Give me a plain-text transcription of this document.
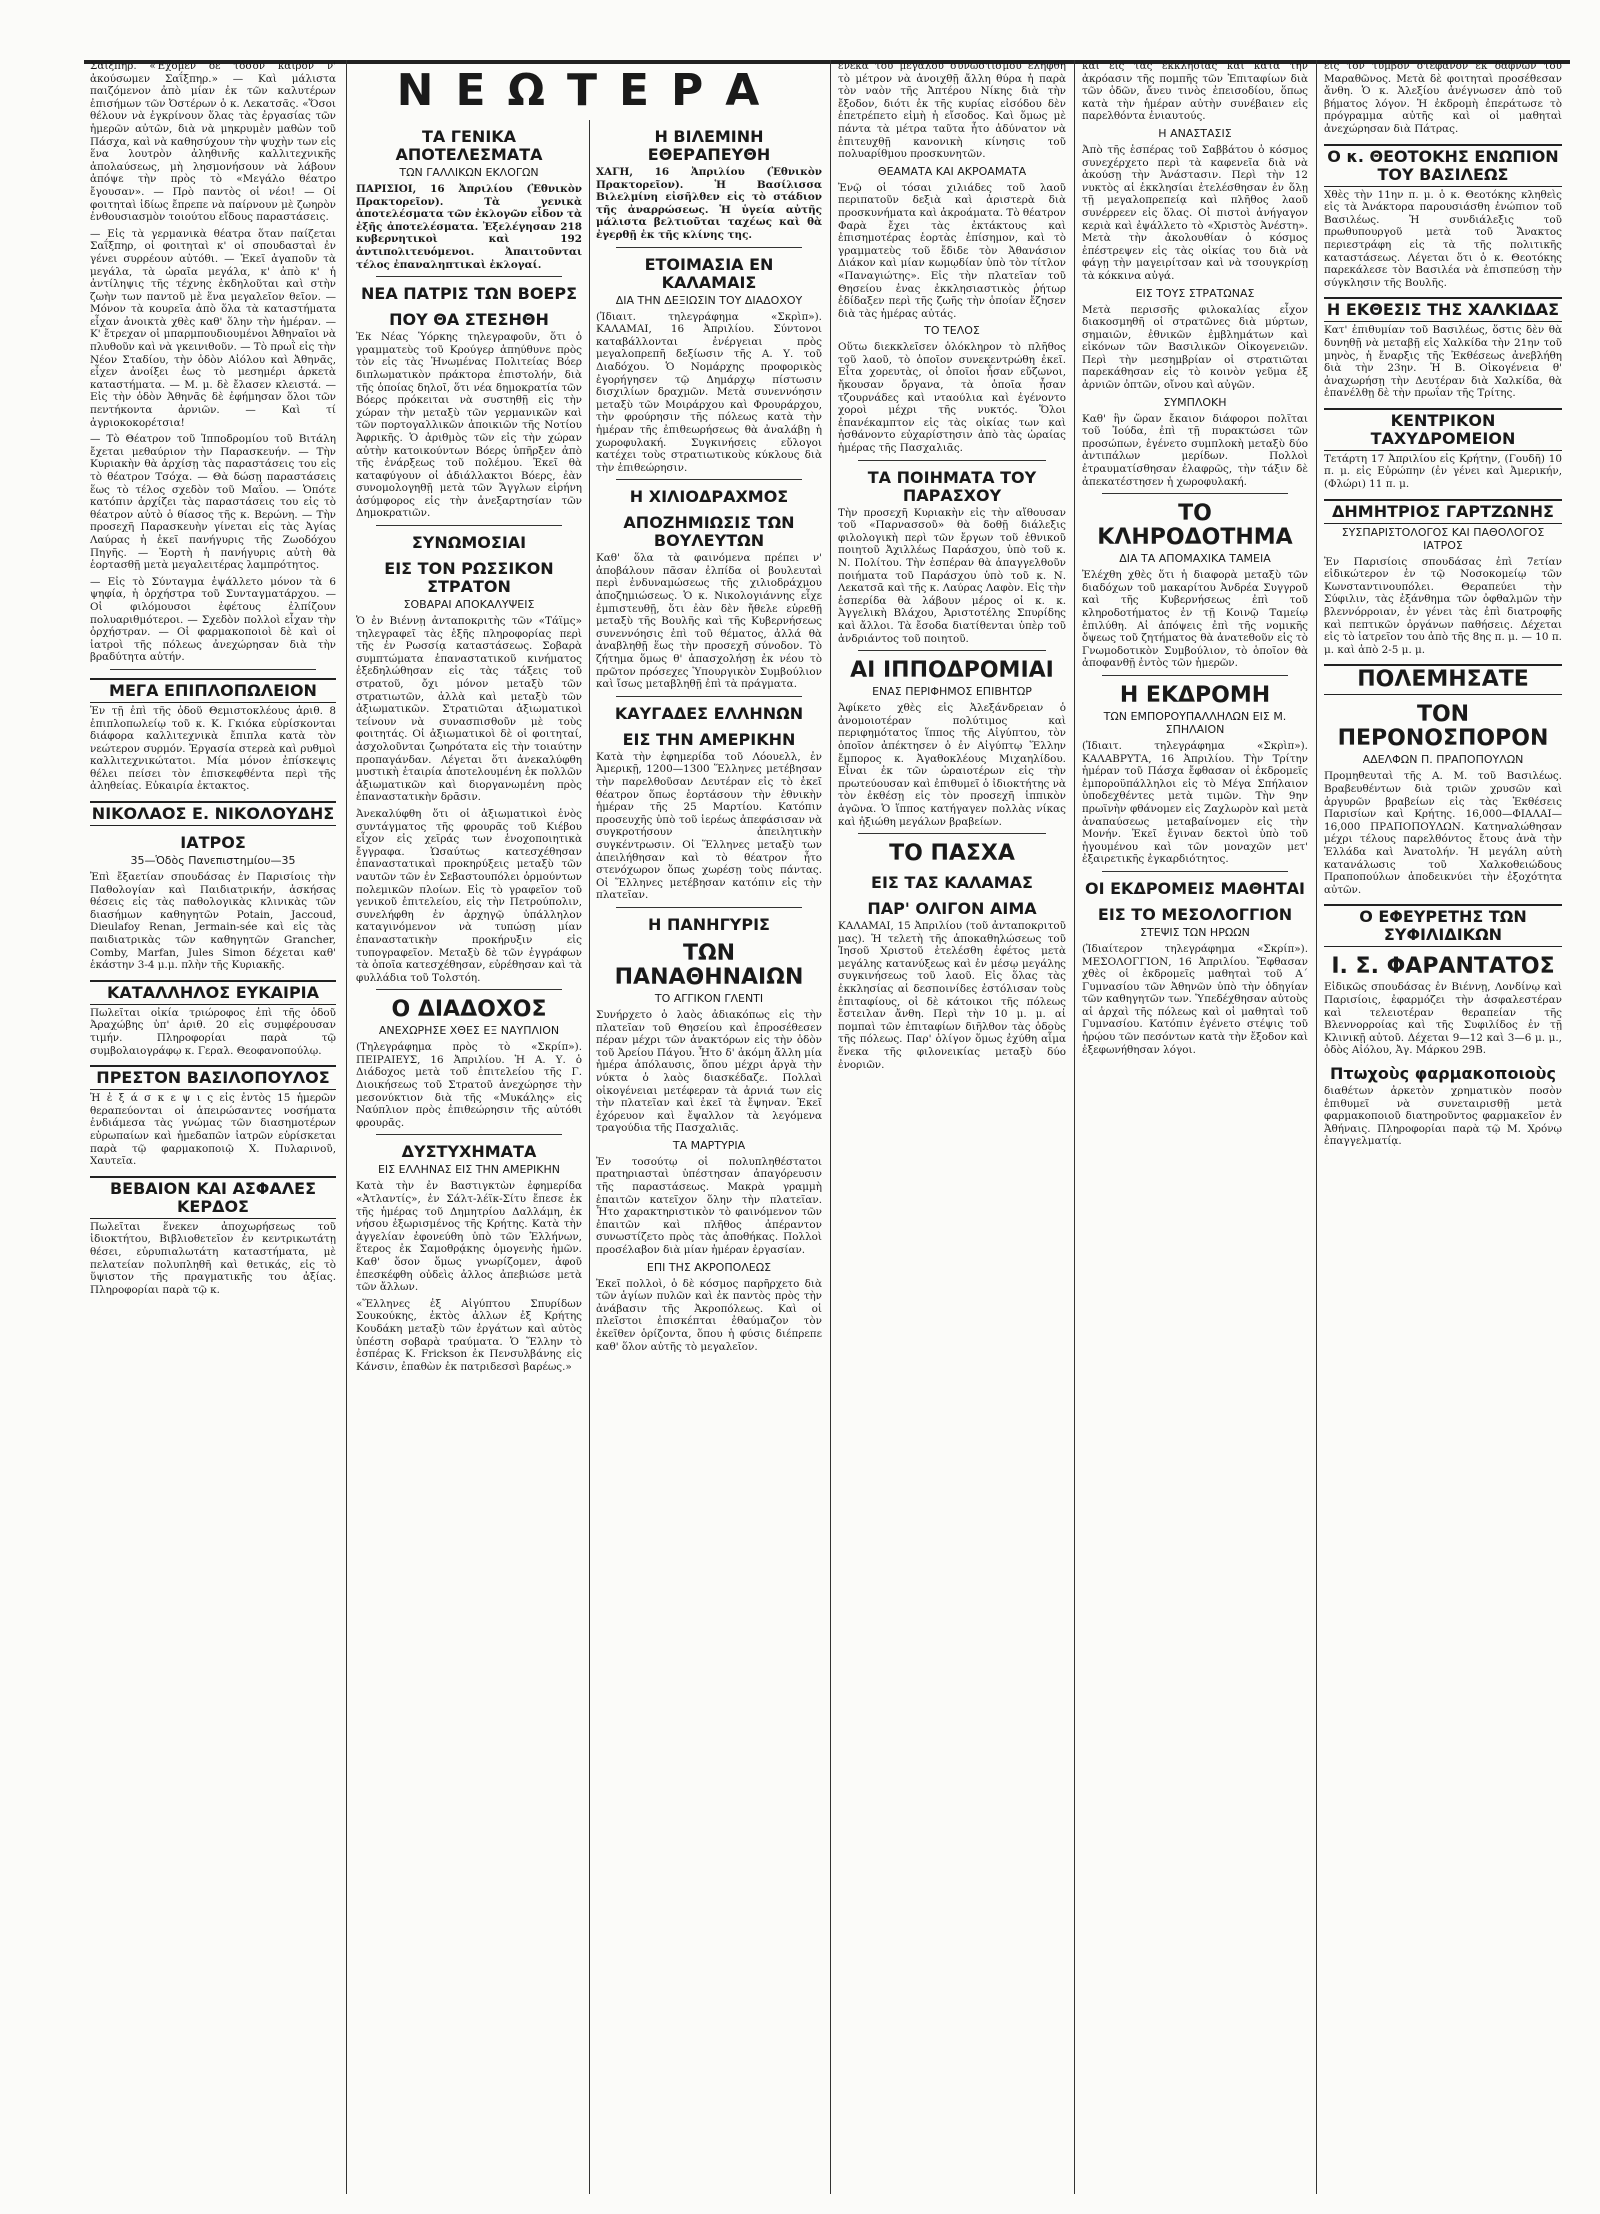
ΝΕΩΤΕΡΑ

Σαΐξπηρ. «Έχομεν δὲ τόσον καιρὸν ν' ἀκούσωμεν Σαΐξπηρ.» — Καὶ μάλιστα παιζόμενον ἀπὸ μίαν ἐκ τῶν καλυτέρων ἐπισήμων τῶν Ὀστέρων ὁ κ. Λεκατσᾶς. «Ὅσοι θέλουν νὰ ἐγκρίνουν ὅλας τὰς ἐργασίας τῶν ἡμερῶν αὐτῶν, διὰ νὰ μηκρυμὲν μαθὼν τοῦ Πάσχα, καὶ νὰ καθησύχουν τὴν ψυχὴν των εἰς ἕνα λουτρὸν ἀληθινῆς καλλιτεχνικῆς ἀπολαύσεως, μὴ λησμονήσουν νὰ λάβουν ἀπόψε τὴν πρὸς τὸ «Μεγάλο θέατρο ἔγουσαν». — Πρὸ παντὸς οἱ νέοι! — Οἱ φοιτηταὶ ἰδίως ἔπρεπε νὰ παίρνουν μὲ ζωηρὸν ἐνθουσιασμὸν τοιούτου εἴδους παραστάσεις.

— Εἰς τὰ γερμανικὰ θέατρα ὅταν παίζεται Σαΐξπηρ, οἱ φοιτηταὶ κ' οἱ σπουδασταὶ ἐν γένει συρρέουν αὐτόθι. — Ἐκεῖ ἀγαποῦν τὰ μεγάλα, τὰ ὡραῖα μεγάλα, κ' ἀπὸ κ' ἡ ἀντίληψις τῆς τέχνης ἐκδηλοῦται καὶ στὴν ζωὴν των παντοῦ μὲ ἕνα μεγαλεῖον θεῖον. — Μόνον τὰ κουρεῖα ἀπὸ ὅλα τὰ καταστήματα εἶχαν ἀνοικτὰ χθὲς καθ' ὅλην τὴν ἡμέραν. — Κ' ἔτρεχαν οἱ μπαρμπουδιουμένοι Ἀθηναῖοι νὰ πλυθοῦν καὶ νὰ γκεινιθοῦν. — Τὸ πρωῒ εἰς τὴν Νέον Σταδίου, τὴν ὁδὸν Αἰόλου καὶ Ἀθηνᾶς, εἶχεν ἀνοίξει ἐως τὸ μεσημέρι ἀρκετὰ καταστήματα. — Μ. μ. δὲ ἔλασεν κλειστά. — Εἰς τὴν ὁδὸν Ἀθηνᾶς δὲ ἐφήμησαν ὅλοι τῶν πεντήκοντα ἀρνιῶν. — Καὶ τί ἀγριοκοκορέτσια!

— Τὸ Θέατρον τοῦ Ἱπποδρομίου τοῦ Βιτάλη ἔχεται μεθαύριον τὴν Παρασκευήν. — Τὴν Κυριακὴν θὰ ἀρχίσῃ τὰς παραστάσεις του εἰς τὸ θέατρον Τσόχα. — Θὰ δώσῃ παραστάσεις ἕως τὸ τέλος σχεδὸν τοῦ Μαΐου. — Ὁπότε κατόπιν ἀρχίζει τὰς παραστάσεις του εἰς τὸ θέατρον αὐτὸ ὁ θίασος τῆς κ. Βερώνη. — Τὴν προσεχῆ Παρασκευὴν γίνεται εἰς τὰς Ἀγίας Λαύρας ἡ ἐκεῖ πανήγυρις τῆς Ζωοδόχου Πηγῆς. — Ἑορτὴ ἡ πανήγυρις αὐτὴ θὰ ἑορτασθῇ μετὰ μεγαλειτέρας λαμπρότητος.

— Εἰς τὸ Σύνταγμα ἐψάλλετο μόνον τὰ 6 ψηφία, ἡ ὀρχήστρα τοῦ Συνταγματάρχου. — Οἱ φιλόμουσοι ἐφέτους ἐλπίζουν πολυαριθμότεροι. — Σχεδὸν πολλοὶ εἶχαν τὴν ὀρχήστραν. — Οἱ φαρμακοποιοὶ δὲ καὶ οἱ ἰατροὶ τῆς πόλεως ἀνεχώρησαν διὰ τὴν βραδύτητα αὐτήν.

ΜΕΓΑ ΕΠΙΠΛΟΠΩΛΕΙΟΝ

Ἐν τῇ ἐπὶ τῆς ὁδοῦ Θεμιστοκλέους ἀριθ. 8 ἐπιπλοπωλείῳ τοῦ κ. Κ. Γκιόκα εὑρίσκονται διάφορα καλλιτεχνικὰ ἔπιπλα κατὰ τὸν νεώτερον συρμόν. Ἐργασία στερεὰ καὶ ρυθμοὶ καλλιτεχνικώτατοι. Μία μόνον ἐπίσκεψις θέλει πείσει τὸν ἐπισκεφθέντα περὶ τῆς ἀληθείας. Εὐκαιρία ἐκτακτος.

ΝΙΚΟΛΑΟΣ Ε. ΝΙΚΟΛΟΥΔΗΣ
ΙΑΤΡΟΣ
35—Ὁδὸς Πανεπιστημίου—35

Ἐπὶ ἔξαετίαν σπουδάσας ἐν Παρισίοις τὴν Παθολογίαν καὶ Παιδιατρικήν, ἀσκήσας θέσεις εἰς τὰς παθολογικὰς κλινικὰς τῶν διασήμων καθηγητῶν Potain, Jaccoud, Dieulafoy Renan, Jermain-sée καὶ εἰς τὰς παιδιατρικὰς τῶν καθηγητῶν Grancher, Comby, Marfan, Jules Simon δέχεται καθ' ἑκάστην 3-4 μ.μ. πλὴν τῆς Κυριακῆς.

ΚΑΤΑΛΛΗΛΟΣ ΕΥΚΑΙΡΙΑ

Πωλεῖται οἰκία τριώροφος ἐπὶ τῆς ὁδοῦ Ἀραχώβης ὑπ' ἀριθ. 20 εἰς συμφέρουσαν τιμήν. Πληροφορίαι παρὰ τῷ συμβολαιογράφῳ κ. Γεραλ. Θεοφανοπούλῳ.

ΠΡΕΣΤΟΝ ΒΑΣΙΛΟΠΟΥΛΟΣ

Ἠ ἐ ξ ά σ κ ε ψ ι ς εἰς ἐντὸς 15 ἡμερῶν θεραπεύονται οἱ ἀπειρώσαντες νοσήματα ἐνδιάμεσα τὰς γνώμας τῶν διασημοτέρων εὐρωπαίων καὶ ἡμεδαπῶν ἰατρῶν εὑρίσκεται παρὰ τῷ φαρμακοποιῷ Χ. Πυλαρινοῦ, Χαυτεῖα.

ΒΕΒΑΙΟΝ ΚΑΙ ΑΣΦΑΛΕΣ ΚΕΡΔΟΣ

Πωλεῖται ἕνεκεν ἀποχωρήσεως τοῦ ἰδιοκτήτου, Βιβλιοθετεῖον ἐν κεντρικωτάτῃ θέσει, εὐρυπιαλωτάτη καταστήματα, μὲ πελατείαν πολυπληθῆ καὶ θετικάς, εἰς τὸ ὕψιστον τῆς πραγματικῆς του ἀξίας. Πληροφορίαι παρὰ τῷ κ.

ΤΑ ΓΕΝΙΚΑ ΑΠΟΤΕΛΕΣΜΑΤΑ
ΤΩΝ ΓΑΛΛΙΚΩΝ ΕΚΛΟΓΩΝ

ΠΑΡΙΣΙΟΙ, 16 Ἀπριλίου (Ἐθνικὸν Πρακτορεῖον). Τὰ γενικὰ ἀποτελέσματα τῶν ἐκλογῶν εἶδον τὰ ἐξῆς ἀποτελέσματα. Ἐξελέγησαν 218 κυβερνητικοὶ καὶ 192 ἀντιπολιτευόμενοι. Ἀπαιτοῦνται τέλος ἐπαναληπτικαὶ ἐκλογαί.

ΝΕΑ ΠΑΤΡΙΣ ΤΩΝ ΒΟΕΡΣ
ΠΟΥ ΘΑ ΣΤΕΣΗΘΗ

Ἐκ Νέας Ὑόρκης τηλεγραφοῦν, ὅτι ὁ γραμματεὺς τοῦ Κρούγερ ἀπηύθυνε πρὸς τὸν εἰς τὰς Ἡνωμένας Πολιτείας Βόερ διπλωματικὸν πράκτορα ἐπιστολήν, διὰ τῆς ὁποίας δηλοῖ, ὅτι νέα δημοκρατία τῶν Βόερς πρόκειται νὰ συστηθῇ εἰς τὴν χώραν τὴν μεταξὺ τῶν γερμανικῶν καὶ τῶν πορτογαλλικῶν ἀποικιῶν τῆς Νοτίου Ἀφρικῆς. Ὁ ἀριθμὸς τῶν εἰς τὴν χώραν αὐτὴν κατοικούντων Βόερς ὑπῆρξεν ἀπὸ τῆς ἐνάρξεως τοῦ πολέμου. Ἐκεῖ θὰ καταφύγουν οἱ ἀδιάλλακτοι Βόερς, ἐὰν συνομολογηθῇ μετὰ τῶν Ἄγγλων εἰρήνη ἀσύμφορος εἰς τὴν ἀνεξαρτησίαν τῶν Δημοκρατιῶν.

ΣΥΝΩΜΟΣΙΑΙ
ΕΙΣ ΤΟΝ ΡΩΣΣΙΚΟΝ ΣΤΡΑΤΟΝ
ΣΟΒΑΡΑΙ ΑΠΟΚΑΛΥΨΕΙΣ

Ὁ ἐν Βιέννῃ ἀνταποκριτὴς τῶν «Τάϊμς» τηλεγραφεῖ τὰς ἑξῆς πληροφορίας περὶ τῆς ἐν Ρωσσίᾳ καταστάσεως. Σοβαρὰ συμπτώματα ἐπαναστατικοῦ κινήματος ἐξεδηλώθησαν εἰς τὰς τάξεις τοῦ στρατοῦ, ὄχι μόνον μεταξὺ τῶν στρατιωτῶν, ἀλλὰ καὶ μεταξὺ τῶν ἀξιωματικῶν. Στρατιῶται ἀξιωματικοὶ τείνουν νὰ συνασπισθοῦν μὲ τοὺς φοιτητάς. Οἱ ἀξιωματικοὶ δὲ οἱ φοιτηταί, ἀσχολοῦνται ζωηρότατα εἰς τὴν τοιαύτην προπαγάνδαν. Λέγεται ὅτι ἀνεκαλύφθη μυστικὴ ἑταιρία ἀποτελουμένη ἐκ πολλῶν ἀξιωματικῶν καὶ διοργανωμένη πρὸς ἐπαναστατικὴν δρᾶσιν.

Ἀνεκαλύφθη ὅτι οἱ ἀξιωματικοὶ ἑνὸς συντάγματος τῆς φρουρᾶς τοῦ Κιέβου εἶχον εἰς χεῖράς των ἐνοχοποιητικὰ ἔγγραφα. Ὡσαύτως κατεσχέθησαν ἐπαναστατικαὶ προκηρύξεις μεταξὺ τῶν ναυτῶν τῶν ἐν Σεβαστουπόλει ὁρμούντων πολεμικῶν πλοίων. Εἰς τὸ γραφεῖον τοῦ γενικοῦ ἐπιτελείου, εἰς τὴν Πετρούπολιν, συνελήφθη ἐν ἀρχηγῷ ὑπάλληλον καταγινόμενον νὰ τυπώσῃ μίαν ἐπαναστατικὴν προκήρυξιν εἰς τυπογραφεῖον. Μεταξὺ δὲ τῶν ἐγγράφων τὰ ὁποῖα κατεσχέθησαν, εὑρέθησαν καὶ τὰ φυλλάδια τοῦ Τολστόη.

Ο ΔΙΑΔΟΧΟΣ
ΑΝΕΧΩΡΗΣΕ ΧΘΕΣ ΕΞ ΝΑΥΠΛΙΟΝ

(Τηλεγράφημα πρὸς τὸ «Σκρίπ»). ΠΕΙΡΑΙΕΥΣ, 16 Ἀπριλίου. Ἡ Α. Υ. ὁ Διάδοχος μετὰ τοῦ ἐπιτελείου τῆς Γ. Διοικήσεως τοῦ Στρατοῦ ἀνεχώρησε τὴν μεσονύκτιον διὰ τῆς «Μυκάλης» εἰς Ναύπλιον πρὸς ἐπιθεώρησιν τῆς αὐτόθι φρουρᾶς.

ΔΥΣΤΥΧΗΜΑΤΑ
ΕΙΣ ΕΛΛΗΝΑΣ ΕΙΣ ΤΗΝ ΑΜΕΡΙΚΗΝ

Κατὰ τὴν ἐν Βαστιγκτὼν ἐφημερίδα «Ἀτλαντίς», ἐν Σάλτ-λέϊκ-Σίτυ ἔπεσε ἐκ τῆς ἡμέρας τοῦ Δημητρίου Δαλλάμη, ἐκ νήσου ἐξωρισμένος τῆς Κρήτης. Κατὰ τὴν ἀγγελίαν ἐφονεύθη ὑπὸ τῶν Ἑλλήνων, ἕτερος ἐκ Σαμοθρᾴκης ὁμογενὴς ἡμῶν. Καθ' ὅσον ὅμως γνωρίζομεν, ἀφοῦ ἐπεσκέφθη οὐδεὶς ἀλλος ἀπεβιώσε μετὰ τῶν ἄλλων.

«Ἕλληνες ἐξ Αἰγύπτου Σπυρίδων Σουκούκης, ἐκτὸς ἀλλων ἐξ Κρήτης Κουδάκη μεταξὺ τῶν ἐργάτων καὶ αὐτὸς ὑπέστη σοβαρὰ τραύματα. Ὁ Ἕλλην τὸ ἐσπέρας Κ. Frickson ἐκ Πενσυλβάνης εἰς Κάνσιν, ἐπαθὼν ἐκ πατριδεσσὶ βαρέως.»

Η ΒΙΛΕΜΙΝΗ ΕΘΕΡΑΠΕΥΘΗ

ΧΑΓΗ, 16 Ἀπριλίου (Ἐθνικὸν Πρακτορεῖον). Ἡ Βασίλισσα Βιλελμίνη εἰσῆλθεν εἰς τὸ στάδιον τῆς ἀναρρώσεως. Ἡ ὑγεία αὐτῆς μάλιστα βελτιοῦται ταχέως καὶ θὰ ἐγερθῇ ἐκ τῆς κλίνης της.

ΕΤΟΙΜΑΣΙΑ ΕΝ ΚΑΛΑΜΑΙΣ
ΔΙΑ ΤΗΝ ΔΕΞΙΩΣΙΝ ΤΟΥ ΔΙΑΔΟΧΟΥ

(Ἰδιαιτ. τηλεγράφημα «Σκρὶπ»). ΚΑΛΑΜΑΙ, 16 Ἀπριλίου. Σύντονοι καταβάλλονται ἐνέργειαι πρὸς μεγαλοπρεπῆ δεξίωσιν τῆς Α. Υ. τοῦ Διαδόχου. Ὁ Νομάρχης προφορικὸς ἐγορήγησεν τῷ Δημάρχῳ πίστωσιν δισχιλίων δραχμῶν. Μετὰ συνεννόησιν μεταξὺ τῶν Μοιράρχου καὶ Φρουράρχου, τὴν φρούρησιν τῆς πόλεως κατὰ τὴν ἡμέραν τῆς ἐπιθεωρήσεως θὰ ἀναλάβῃ ἡ χωροφυλακή. Συγκινήσεις εὔλογοι κατέχει τοὺς στρατιωτικοὺς κύκλους διὰ τὴν ἐπιθεώρησιν.

Η ΧΙΛΙΟΔΡΑΧΜΟΣ
ΑΠΟΖΗΜΙΩΣΙΣ ΤΩΝ ΒΟΥΛΕΥΤΩΝ

Καθ' ὅλα τὰ φαινόμενα πρέπει ν' ἀποβάλουν πᾶσαν ἐλπίδα οἱ βουλευταὶ περὶ ἐνδυναμώσεως τῆς χιλιοδράχμου ἀποζημιώσεως. Ὁ κ. Νικολογιάννης εἶχε ἐμπιστευθῇ, ὅτι ἐὰν δὲν ἤθελε εὑρεθῇ μεταξὺ τῆς Βουλῆς καὶ τῆς Κυβερνήσεως συνεννόησις ἐπὶ τοῦ θέματος, ἀλλά θὰ ἀναβληθῇ ἕως τὴν προσεχῆ σύνοδον. Τὸ ζήτημα ὅμως θ' ἀπασχολήσῃ ἐκ νέου τὸ πρῶτον πρόσεχες Ὑπουργικὸν Συμβούλιον καὶ ἴσως μεταβληθῇ ἐπὶ τὰ πράγματα.

ΚΑΥΓΑΔΕΣ ΕΛΛΗΝΩΝ
ΕΙΣ ΤΗΝ ΑΜΕΡΙΚΗΝ

Κατὰ τὴν ἐφημερίδα τοῦ Λόουελλ, ἐν Ἀμερικῇ, 1200—1300 Ἕλληνες μετέβησαν τὴν παρελθοῦσαν Δευτέραν εἰς τὸ ἐκεῖ θέατρον ὅπως ἑορτάσουν τὴν ἐθνικὴν ἡμέραν τῆς 25 Μαρτίου. Κατόπιν προσευχῆς ὑπὸ τοῦ ἱερέως ἀπεφάσισαν νὰ συγκροτήσουν ἀπειλητικὴν συγκέντρωσιν. Οἱ Ἕλληνες μεταξὺ των ἀπειλήθησαν καὶ τὸ θέατρον ἦτο στενόχωρον ὅπως χωρέσῃ τοὺς πάντας. Οἱ Ἕλληνες μετέβησαν κατόπιν εἰς τὴν πλατεῖαν.

Η ΠΑΝΗΓΥΡΙΣ
ΤΩΝ ΠΑΝΑΘΗΝΑΙΩΝ
ΤΟ ΑΓΓΙΚΟΝ ΓΛΕΝΤΙ

Συνήρχετο ὁ λαὸς ἀδιακόπως εἰς τὴν πλατεῖαν τοῦ Θησείου καὶ ἐπροσέθεσεν πέραν μέχρι τῶν ἀνακτόρων εἰς τὴν ὁδὸν τοῦ Ἀρείου Πάγου. Ἦτο δ' ἀκόμη ἄλλη μία ἡμέρα ἀπόλαυσις, ὅπου μέχρι ἀργὰ τὴν νύκτα ὁ λαὸς διασκέδαζε. Πολλαὶ οἰκογένειαι μετέφεραν τὰ ἀρνιά των εἰς τὴν πλατεῖαν καὶ ἐκεῖ τὰ ἔψηναν. Ἐκεῖ ἐχόρευον καὶ ἔψαλλον τὰ λεγόμενα τραγούδια τῆς Πασχαλιᾶς.

ΤΑ ΜΑΡΤΥΡΙΑ

Ἐν τοσούτῳ οἱ πολυπληθέστατοι πρατηριασταὶ ὑπέστησαν ἀπαγόρευσιν τῆς παραστάσεως. Μακρὰ γραμμὴ ἐπαιτῶν κατεῖχον ὅλην τὴν πλατεῖαν. Ἦτο χαρακτηριστικὸν τὸ φαινόμενον τῶν ἐπαιτῶν καὶ πλῆθος ἀπέραντον συνωστίζετο πρὸς τὰς ἀποθήκας. Πολλοὶ προσέλαβον διὰ μίαν ἡμέραν ἐργασίαν.

ΕΠΙ ΤΗΣ ΑΚΡΟΠΟΛΕΩΣ

Ἐκεῖ πολλοὶ, ὁ δὲ κόσμος παρῆρχετο διὰ τῶν ἁγίων πυλῶν καὶ ἐκ παντὸς πρὸς τὴν ἀνάβασιν τῆς Ἀκροπόλεως. Καὶ οἱ πλεῖστοι ἐπισκέπται ἐθαύμαζον τὸν ἐκεῖθεν ὁρίζοντα, ὅπου ἡ φύσις διέπρεπε καθ' ὅλον αὐτῆς τὸ μεγαλεῖον.

ἐνεκα τοῦ μεγάλου συνωστισμοῦ ἐλήφθη τὸ μέτρον νὰ ἀνοιχθῇ ἄλλη θύρα ἡ παρὰ τὸν ναὸν τῆς Ἀπτέρου Νίκης διὰ τὴν ἔξοδον, διότι ἐκ τῆς κυρίας εἰσόδου δὲν ἐπετρέπετο εἰμὴ ἡ εἴσοδος. Καὶ ὅμως μὲ πάντα τὰ μέτρα ταῦτα ἦτο ἀδύνατον νὰ ἐπιτευχθῇ κανονικὴ κίνησις τοῦ πολυαρίθμου προσκυνητῶν.

ΘΕΑΜΑΤΑ ΚΑΙ ΑΚΡΟΑΜΑΤΑ

Ἐνῷ οἱ τόσαι χιλιάδες τοῦ λαοῦ περιπατοῦν δεξιὰ καὶ ἀριστερὰ διὰ προσκυνήματα καὶ ἀκροάματα. Τὸ θέατρον Φαρὰ ἔχει τὰς ἐκτάκτους καὶ ἐπισημοτέρας ἑορτὰς ἐπίσημον, καὶ τὸ γραμματεὺς τοῦ ἔδιδε τὸν Ἀθανάσιον Διάκον καὶ μίαν κωμῳδίαν ὑπὸ τὸν τίτλον «Παναγιώτης». Εἰς τὴν πλατεῖαν τοῦ Θησείου ἐνας ἐκκλησιαστικὸς ῥήτωρ ἐδίδαξεν περὶ τῆς ζωῆς τὴν ὁποίαν ἔζησεν διὰ τὰς ἡμέρας αὐτάς.

ΤΟ ΤΕΛΟΣ

Οὕτω διεκκλεῖσεν ὁλόκληρον τὸ πλῆθος τοῦ λαοῦ, τὸ ὁποῖον συνεκεντρώθη ἐκεῖ. Εἶτα χορευτὰς, οἱ ὁποῖοι ἦσαν εὔζωνοι, ἤκουσαν ὄργανα, τὰ ὁποῖα ἦσαν τζουρνάδες καὶ νταούλια καὶ ἐγένοντο χοροὶ μέχρι τῆς νυκτός. Ὅλοι ἐπανέκαμπτον εἰς τὰς οἰκίας των καὶ ἠσθάνοντο εὐχαρίστησιν ἀπὸ τὰς ὡραίας ἡμέρας τῆς Πασχαλιᾶς.

ΤΑ ΠΟΙΗΜΑΤΑ ΤΟΥ ΠΑΡΑΣΧΟΥ

Τὴν προσεχῆ Κυριακὴν εἰς τὴν αἴθουσαν τοῦ «Παρνασσοῦ» θὰ δοθῇ διάλεξις φιλολογικὴ περὶ τῶν ἔργων τοῦ ἐθνικοῦ ποιητοῦ Ἀχιλλέως Παράσχου, ὑπὸ τοῦ κ. Ν. Πολίτου. Τὴν ἑσπέραν θὰ ἀπαγγελθοῦν ποιήματα τοῦ Παράσχου ὑπὸ τοῦ κ. Ν. Λεκατσᾶ καὶ τῆς κ. Λαύρας Λαφὸν. Εἰς τὴν ἑσπερίδα θὰ λάβουν μέρος οἱ κ. κ. Ἀγγελικὴ Βλάχου, Ἀριστοτέλης Σπυρίδης καὶ ἄλλοι. Τὰ ἔσοδα διατίθενται ὑπὲρ τοῦ ἀνδριάντος τοῦ ποιητοῦ.

ΑΙ ΙΠΠΟΔΡΟΜΙΑΙ
ΕΝΑΣ ΠΕΡΙΦΗΜΟΣ ΕΠΙΒΗΤΩΡ

Ἀφίκετο χθὲς εἰς Ἀλεξάνδρειαν ὁ ἀνομοιοτέραν πολύτιμος καὶ περιφημότατος ἵππος τῆς Αἰγύπτου, τὸν ὁποῖον ἀπέκτησεν ὁ ἐν Αἰγύπτῳ Ἕλλην ἔμπορος κ. Ἀγαθοκλέους Μιχαηλίδου. Εἶναι ἐκ τῶν ὡραιοτέρων εἰς τὴν πρωτεύουσαν καὶ ἐπιθυμεῖ ὁ ἰδιοκτήτης νὰ τὸν ἐκθέσῃ εἰς τὸν προσεχῆ ἱππικὸν ἀγῶνα. Ὁ ἵππος κατήγαγεν πολλὰς νίκας καὶ ἠξιώθη μεγάλων βραβείων.

ΤΟ ΠΑΣΧΑ
ΕΙΣ ΤΑΣ ΚΑΛΑΜΑΣ
ΠΑΡ' ΟΛΙΓΟΝ ΑΙΜΑ

ΚΑΛΑΜΑΙ, 15 Ἀπριλίου (τοῦ ἀνταποκριτοῦ μας). Ἡ τελετὴ τῆς ἀποκαθηλώσεως τοῦ Ἰησοῦ Χριστοῦ ἐτελέσθη ἐφέτος μετὰ μεγάλης κατανύξεως καὶ ἐν μέσῳ μεγάλης συγκινήσεως τοῦ λαοῦ. Εἰς ὅλας τὰς ἐκκλησίας αἱ δεσποινίδες ἐστόλισαν τοὺς ἐπιταφίους, οἱ δὲ κάτοικοι τῆς πόλεως ἔστειλαν ἄνθη. Περὶ τὴν 10 μ. μ. αἱ πομπαὶ τῶν ἐπιταφίων διῆλθον τὰς ὁδοὺς τῆς πόλεως. Παρ' ὀλίγον ὅμως ἐχύθη αἷμα ἕνεκα τῆς φιλονεικίας μεταξὺ δύο ἐνοριῶν.

καὶ εἰς τὰς ἐκκλησίας καὶ κατὰ τὴν ἀκρόασιν τῆς πομπῆς τῶν Ἐπιταφίων διὰ τῶν ὁδῶν, ἄνευ τινὸς ἐπεισοδίου, ὅπως κατὰ τὴν ἡμέραν αὐτὴν συνέβαιεν εἰς παρελθόντα ἐνιαυτούς.

Η ΑΝΑΣΤΑΣΙΣ

Ἀπὸ τῆς ἑσπέρας τοῦ Σαββάτου ὁ κόσμος συνεχέρχετο περὶ τὰ καφενεῖα διὰ νὰ ἀκούσῃ τὴν Ἀνάστασιν. Περὶ τὴν 12 νυκτὸς αἱ ἐκκλησίαι ἐτελέσθησαν ἐν ὅλῃ τῇ μεγαλοπρεπείᾳ καὶ πλῆθος λαοῦ συνέρρεεν εἰς ὅλας. Οἱ πιστοὶ ἀνήγαγον κεριὰ καὶ ἐψάλλετο τὸ «Χριστὸς Ἀνέστη». Μετὰ τὴν ἀκολουθίαν ὁ κόσμος ἐπέστρεψεν εἰς τὰς οἰκίας του διὰ νὰ φάγῃ τὴν μαγειρίτσαν καὶ νὰ τσουγκρίσῃ τὰ κόκκινα αὐγά.

ΕΙΣ ΤΟΥΣ ΣΤΡΑΤΩΝΑΣ

Μετὰ περισσῆς φιλοκαλίας εἶχον διακοσμηθῆ οἱ στρατῶνες διὰ μύρτων, σημαιῶν, ἐθνικῶν ἐμβλημάτων καὶ εἰκόνων τῶν Βασιλικῶν Οἰκογενειῶν. Περὶ τὴν μεσημβρίαν οἱ στρατιῶται παρεκάθησαν εἰς τὸ κοινὸν γεῦμα ἐξ ἀρνιῶν ὀπτῶν, οἴνου καὶ αὐγῶν.

ΣΥΜΠΛΟΚΗ

Καθ' ἣν ὥραν ἔκαιον διάφοροι πολῖται τοῦ Ἰούδα, ἐπὶ τῇ πυρακτώσει τῶν προσώπων, ἐγένετο συμπλοκὴ μεταξὺ δύο ἀντιπάλων μερίδων. Πολλοὶ ἐτραυματίσθησαν ἐλαφρῶς, τὴν τάξιν δὲ ἀπεκατέστησεν ἡ χωροφυλακή.

ΤΟ ΚΛΗΡΟΔΟΤΗΜΑ
ΔΙΑ ΤΑ ΑΠΟΜΑΧΙΚΑ ΤΑΜΕΙΑ

Ἐλέχθη χθὲς ὅτι ἡ διαφορὰ μεταξὺ τῶν διαδόχων τοῦ μακαρίτου Ἀνδρέα Συγγροῦ καὶ τῆς Κυβερνήσεως ἐπὶ τοῦ κληροδοτήματος ἐν τῇ Κοινῷ Ταμείῳ ἐπιλύθη. Αἱ ἀπόψεις ἐπὶ τῆς νομικῆς ὄψεως τοῦ ζητήματος θὰ ἀνατεθοῦν εἰς τὸ Γνωμοδοτικὸν Συμβούλιον, τὸ ὁποῖον θὰ ἀποφανθῇ ἐντὸς τῶν ἡμερῶν.

Η ΕΚΔΡΟΜΗ
ΤΩΝ ΕΜΠΟΡΟΥΠΑΛΛΗΛΩΝ ΕΙΣ Μ. ΣΠΗΛΑΙΟΝ

(Ἰδιαιτ. τηλεγράφημα «Σκρὶπ»). ΚΑΛΑΒΡΥΤΑ, 16 Ἀπριλίου. Τὴν Τρίτην ἡμέραν τοῦ Πάσχα ἔφθασαν οἱ ἐκδρομεῖς ἐμποροϋπάλληλοι εἰς τὸ Μέγα Σπήλαιον ὑποδεχθέντες μετὰ τιμῶν. Τὴν 9ην πρωϊνὴν φθάνομεν εἰς Ζαχλωρὸν καὶ μετὰ ἀναπαύσεως μεταβαίνομεν εἰς τὴν Μονήν. Ἐκεῖ ἔγιναν δεκτοὶ ὑπὸ τοῦ ἡγουμένου καὶ τῶν μοναχῶν μετ' ἐξαιρετικῆς ἐγκαρδιότητος.

ΟΙ ΕΚΔΡΟΜΕΙΣ ΜΑΘΗΤΑΙ
ΕΙΣ ΤΟ ΜΕΣΟΛΟΓΓΙΟΝ
ΣΤΕΨΙΣ ΤΩΝ ΗΡΩΩΝ

(Ἰδιαίτερον τηλεγράφημα «Σκρίπ»). ΜΕΣΟΛΟΓΓΙΟΝ, 16 Ἀπριλίου. Ἔφθασαν χθὲς οἱ ἐκδρομεῖς μαθηταὶ τοῦ Α΄ Γυμνασίου τῶν Ἀθηνῶν ὑπὸ τὴν ὁδηγίαν τῶν καθηγητῶν των. Ὑπεδέχθησαν αὐτοὺς αἱ ἀρχαὶ τῆς πόλεως καὶ οἱ μαθηταὶ τοῦ Γυμνασίου. Κατόπιν ἐγένετο στέψις τοῦ ἡρῴου τῶν πεσόντων κατὰ τὴν ἔξοδον καὶ ἐξεφωνήθησαν λόγοι.

εἰς τὸν τύμβον στέφανον ἐκ δαφνῶν τοῦ Μαραθῶνος. Μετὰ δὲ φοιτηταὶ προσέθεσαν ἄνθη. Ὁ κ. Ἀλεξίου ἀνέγνωσεν ἀπὸ τοῦ βήματος λόγον. Ἡ ἐκδρομὴ ἐπεράτωσε τὸ πρόγραμμα αὐτῆς καὶ οἱ μαθηταὶ ἀνεχώρησαν διὰ Πάτρας.

Ο κ. ΘΕΟΤΟΚΗΣ ΕΝΩΠΙΟΝ ΤΟΥ ΒΑΣΙΛΕΩΣ

Χθὲς τὴν 11ην π. μ. ὁ κ. Θεοτόκης κληθεὶς εἰς τὰ Ἀνάκτορα παρουσιάσθη ἐνώπιον τοῦ Βασιλέως. Ἡ συνδιάλεξις τοῦ πρωθυπουργοῦ μετὰ τοῦ Ἄνακτος περιεστράφη εἰς τὰ τῆς πολιτικῆς καταστάσεως. Λέγεται ὅτι ὁ κ. Θεοτόκης παρεκάλεσε τὸν Βασιλέα νὰ ἐπισπεύσῃ τὴν σύγκλησιν τῆς Βουλῆς.

Η ΕΚΘΕΣΙΣ ΤΗΣ ΧΑΛΚΙΔΑΣ

Κατ' ἐπιθυμίαν τοῦ Βασιλέως, ὅστις δὲν θὰ δυνηθῇ νὰ μεταβῇ εἰς Χαλκίδα τὴν 21ην τοῦ μηνὸς, ἡ ἔναρξις τῆς Ἐκθέσεως ἀνεβλήθη διὰ τὴν 23ην. Ἡ Β. Οἰκογένεια θ' ἀναχωρήσῃ τὴν Δευτέραν διὰ Χαλκίδα, θὰ ἐπανέλθῃ δὲ τὴν πρωΐαν τῆς Τρίτης.

ΚΕΝΤΡΙΚΟΝ ΤΑΧΥΔΡΟΜΕΙΟΝ

Τετάρτη 17 Ἀπριλίου εἰς Κρήτην, (Γουδῆ) 10 π. μ. εἰς Εὐρώπην (ἐν γένει καὶ Ἀμερικήν, (Φλώρι) 11 π. μ.

ΔΗΜΗΤΡΙΟΣ ΓΑΡΤΖΩΝΗΣ
ΣΥΣΠΑΡΙΣΤΟΛΟΓΟΣ ΚΑΙ ΠΑΘΟΛΟΓΟΣ ΙΑΤΡΟΣ

Ἐν Παρισίοις σπουδάσας ἐπὶ 7ετίαν εἰδικώτερον ἐν τῷ Νοσοκομείῳ τῶν Κωνσταντινουπόλει. Θεραπεύει τὴν Σύφιλιν, τὰς ἐξάνθημα τῶν ὀφθαλμῶν τὴν βλεννόρροιαν, ἐν γένει τὰς ἐπὶ διατροφῆς καὶ πεπτικῶν ὀργάνων παθήσεις. Δέχεται εἰς τὸ ἰατρεῖον του ἀπὸ τῆς 8ης π. μ. — 10 π. μ. καὶ ἀπὸ 2-5 μ. μ.

ΠΟΛΕΜΗΣΑΤΕ
ΤΟΝ ΠΕΡΟΝΟΣΠΟΡΟΝ
ΑΔΕΛΦΩΝ Π. ΠΡΑΠΟΠΟΥΛΩΝ

Προμηθευταὶ τῆς Α. Μ. τοῦ Βασιλέως. Βραβευθέντων διὰ τριῶν χρυσῶν καὶ ἀργυρῶν βραβείων εἰς τὰς Ἐκθέσεις Παρισίων καὶ Κρήτης. 16,000—ΦΙΑΛΑΙ—16,000 ΠΡΑΠΟΠΟΥΛΩΝ. Κατηναλώθησαν μέχρι τέλους παρελθόντος ἔτους ἀνὰ τὴν Ἑλλάδα καὶ Ἀνατολήν. Ἡ μεγάλη αὐτὴ κατανάλωσις τοῦ Χαλκοθειώδους Πραποπούλων ἀποδεικνύει τὴν ἐξοχότητα αὐτῶν.

Ο ΕΦΕΥΡΕΤΗΣ ΤΩΝ ΣΥΦΙΛΙΔΙΚΩΝ
Ι. Σ. ΦΑΡΑΝΤΑΤΟΣ

Εἰδικῶς σπουδάσας ἐν Βιέννῃ, Λονδίνῳ καὶ Παρισίοις, ἐφαρμόζει τὴν ἀσφαλεστέραν καὶ τελειοτέραν θεραπείαν τῆς Βλεννορροίας καὶ τῆς Συφιλίδος ἐν τῇ Κλινικῇ αὐτοῦ. Δέχεται 9—12 καὶ 3—6 μ. μ., ὁδὸς Αἰόλου, Ἀγ. Μάρκου 29Β.

Πτωχοὺς φαρμακοποιοὺς

διαθέτων ἀρκετὸν χρηματικὸν ποσὸν ἐπιθυμεῖ νὰ συνεταιρισθῇ μετὰ φαρμακοποιοῦ διατηροῦντος φαρμακεῖον ἐν Ἀθήναις. Πληροφορίαι παρὰ τῷ Μ. Χρόνῳ ἐπαγγελματίᾳ.
